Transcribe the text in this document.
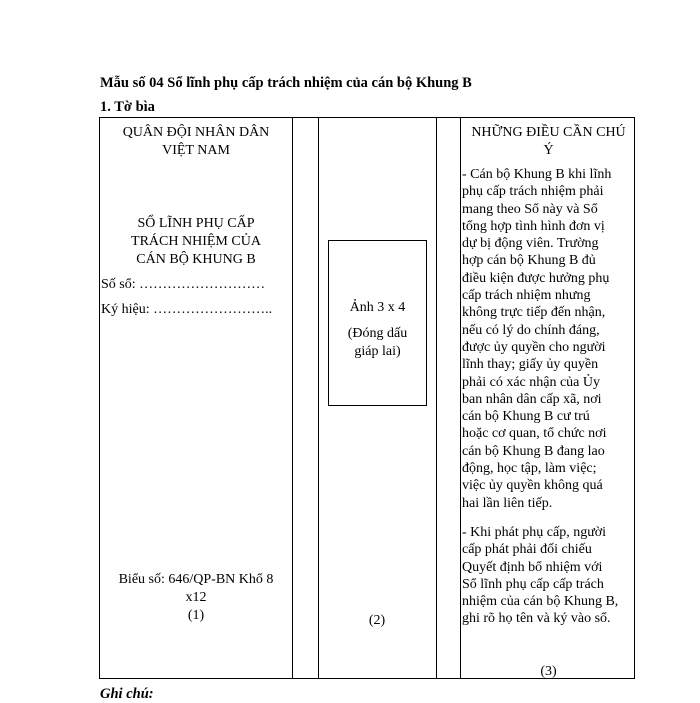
Mẫu số 04 Sổ lĩnh phụ cấp trách nhiệm của cán bộ Khung B
1. Tờ bìa
QUÂN ĐỘI NHÂN DÂN
VIỆT NAM
SỔ LĨNH PHỤ CẤP
TRÁCH NHIỆM CỦA
CÁN BỘ KHUNG B
Số sổ: ………………………
Ký hiệu: ……………………..
Biểu số: 646/QP-BN Khổ 8
x12
(1)
Ảnh 3 x 4
(Đóng dấu
giáp lai)
(2)
NHỮNG ĐIỀU CẦN CHÚ
Ý
- Cán bộ Khung B khi lĩnh
phụ cấp trách nhiệm phải
mang theo Sổ này và Sổ
tổng hợp tình hình đơn vị
dự bị động viên. Trường
hợp cán bộ Khung B đủ
điều kiện được hưởng phụ
cấp trách nhiệm nhưng
không trực tiếp đến nhận,
nếu có lý do chính đáng,
được ủy quyền cho người
lĩnh thay; giấy ủy quyền
phải có xác nhận của Ủy
ban nhân dân cấp xã, nơi
cán bộ Khung B cư trú
hoặc cơ quan, tổ chức nơi
cán bộ Khung B đang lao
động, học tập, làm việc;
việc ủy quyền không quá
hai lần liên tiếp.
- Khi phát phụ cấp, người
cấp phát phải đối chiếu
Quyết định bổ nhiệm với
Sổ lĩnh phụ cấp cấp trách
nhiệm của cán bộ Khung B,
ghi rõ họ tên và ký vào sổ.
(3)
Ghi chú:
